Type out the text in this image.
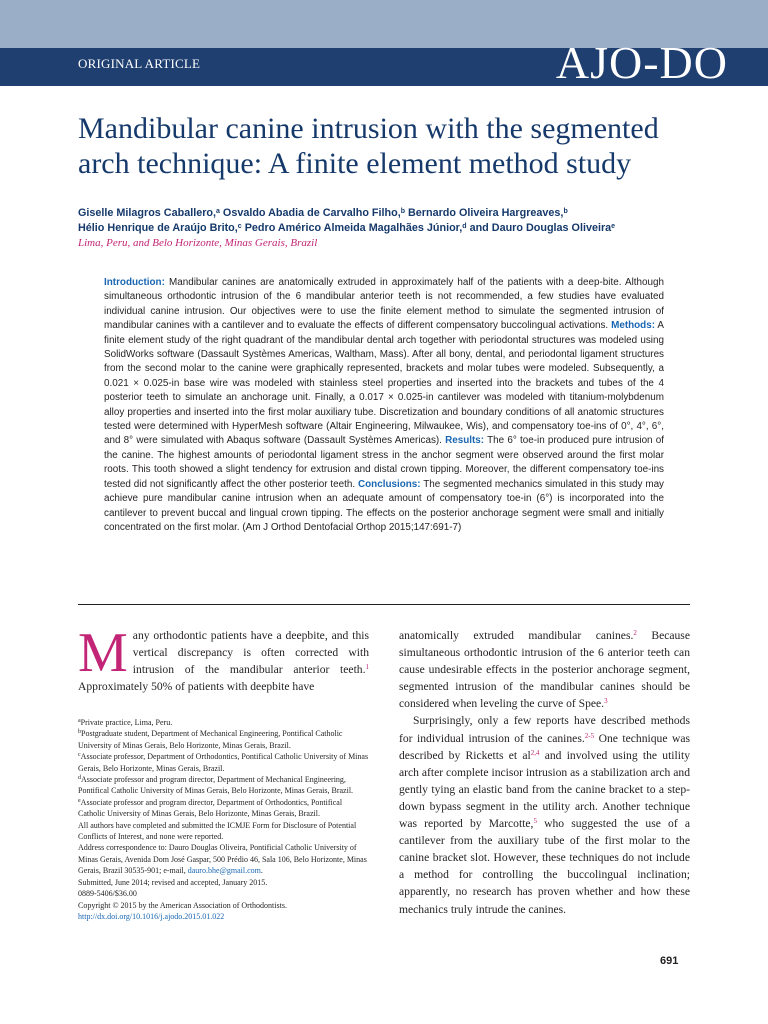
ORIGINAL ARTICLE	AJO-DO
Mandibular canine intrusion with the segmented
arch technique: A finite element method study
Giselle Milagros Caballero,$^a$ Osvaldo Abadia de Carvalho Filho,$^b$ Bernardo Oliveira Hargreaves,$^b$
Hélio Henrique de Araújo Brito,$^c$ Pedro Américo Almeida Magalhães Júnior,$^d$ and Dauro Douglas Oliveira$^e$
Lima, Peru, and Belo Horizonte, Minas Gerais, Brazil
Introduction: Mandibular canines are anatomically extruded in approximately half of the patients with a deep-bite. Although simultaneous orthodontic intrusion of the 6 mandibular anterior teeth is not recommended, a few studies have evaluated individual canine intrusion. Our objectives were to use the finite element method to simulate the segmented intrusion of mandibular canines with a cantilever and to evaluate the effects of different compensatory buccolingual activations. Methods: A finite element study of the right quadrant of the mandibular dental arch together with periodontal structures was modeled using SolidWorks software (Dassault Systèmes Americas, Waltham, Mass). After all bony, dental, and periodontal ligament structures from the second molar to the canine were graphically represented, brackets and molar tubes were modeled. Subsequently, a 0.021 × 0.025-in base wire was modeled with stainless steel properties and inserted into the brackets and tubes of the 4 posterior teeth to simulate an anchorage unit. Finally, a 0.017 × 0.025-in cantilever was modeled with titanium-molybdenum alloy properties and inserted into the first molar auxiliary tube. Discretization and boundary conditions of all anatomic structures tested were determined with HyperMesh software (Altair Engineering, Milwaukee, Wis), and compensatory toe-ins of 0°, 4°, 6°, and 8° were simulated with Abaqus software (Dassault Systèmes Americas). Results: The 6° toe-in produced pure intrusion of the canine. The highest amounts of periodontal ligament stress in the anchor segment were observed around the first molar roots. This tooth showed a slight tendency for extrusion and distal crown tipping. Moreover, the different compensatory toe-ins tested did not significantly affect the other posterior teeth. Conclusions: The segmented mechanics simulated in this study may achieve pure mandibular canine intrusion when an adequate amount of compensatory toe-in (6°) is incorporated into the cantilever to prevent buccal and lingual crown tipping. The effects on the posterior anchorage segment were small and initially concentrated on the first molar. (Am J Orthod Dentofacial Orthop 2015;147:691-7)
M any orthodontic patients have a deepbite, and this vertical discrepancy is often corrected with intrusion of the mandibular anterior teeth.$^1$ Approximately 50% of patients with deepbite have
$^a$Private practice, Lima, Peru.
$^b$Postgraduate student, Department of Mechanical Engineering, Pontifical Catholic University of Minas Gerais, Belo Horizonte, Minas Gerais, Brazil.
$^c$Associate professor, Department of Orthodontics, Pontifical Catholic University of Minas Gerais, Belo Horizonte, Minas Gerais, Brazil.
$^d$Associate professor and program director, Department of Mechanical Engineering, Pontifical Catholic University of Minas Gerais, Belo Horizonte, Minas Gerais, Brazil.
$^e$Associate professor and program director, Department of Orthodontics, Pontifical Catholic University of Minas Gerais, Belo Horizonte, Minas Gerais, Brazil.
All authors have completed and submitted the ICMJE Form for Disclosure of Potential Conflicts of Interest, and none were reported.
Address correspondence to: Dauro Douglas Oliveira, Pontificial Catholic University of Minas Gerais, Avenida Dom José Gaspar, 500 Prédio 46, Sala 106, Belo Horizonte, Minas Gerais, Brazil 30535-901; e-mail, dauro.bhe@gmail.com.
Submitted, June 2014; revised and accepted, January 2015.
0889-5406/$36.00
Copyright © 2015 by the American Association of Orthodontists.
http://dx.doi.org/10.1016/j.ajodo.2015.01.022

anatomically extruded mandibular canines.$^2$ Because simultaneous orthodontic intrusion of the 6 anterior teeth can cause undesirable effects in the posterior anchorage segment, segmented intrusion of the mandibular canines should be considered when leveling the curve of Spee.$^3$

Surprisingly, only a few reports have described methods for individual intrusion of the canines.$^{2-5}$ One technique was described by Ricketts et al$^{2,4}$ and involved using the utility arch after complete incisor intrusion as a stabilization arch and gently tying an elastic band from the canine bracket to a step-down bypass segment in the utility arch. Another technique was reported by Marcotte,$^5$ who suggested the use of a cantilever from the auxiliary tube of the first molar to the canine bracket slot. However, these techniques do not include a method for controlling the buccolingual inclination; apparently, no research has proven whether and how these mechanics truly intrude the canines.

691
